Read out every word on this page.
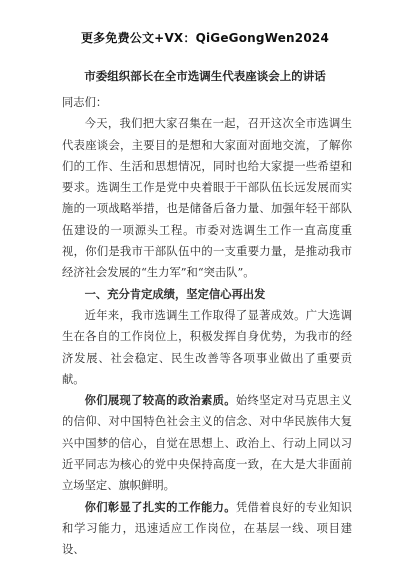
更多免费公文+VX：QiGeGongWen2024
市委组织部长在全市选调生代表座谈会上的讲话

同志们：

今天，我们把大家召集在一起，召开这次全市选调生代表座谈会，主要目的是想和大家面对面地交流，了解你们的工作、生活和思想情况，同时也给大家提一些希望和要求。选调生工作是党中央着眼于干部队伍长远发展而实施的一项战略举措，也是储备后备力量、加强年轻干部队伍建设的一项源头工程。市委对选调生工作一直高度重视，你们是我市干部队伍中的一支重要力量，是推动我市经济社会发展的“生力军”和“突击队”。

一、充分肯定成绩，坚定信心再出发

近年来，我市选调生工作取得了显著成效。广大选调生在各自的工作岗位上，积极发挥自身优势，为我市的经济发展、社会稳定、民生改善等各项事业做出了重要贡献。

你们展现了较高的政治素质。始终坚定对马克思主义的信仰、对中国特色社会主义的信念、对中华民族伟大复兴中国梦的信心，自觉在思想上、政治上、行动上同以习近平同志为核心的党中央保持高度一致，在大是大非面前立场坚定、旗帜鲜明。

你们彰显了扎实的工作能力。凭借着良好的专业知识和学习能力，迅速适应工作岗位，在基层一线、项目建设、
